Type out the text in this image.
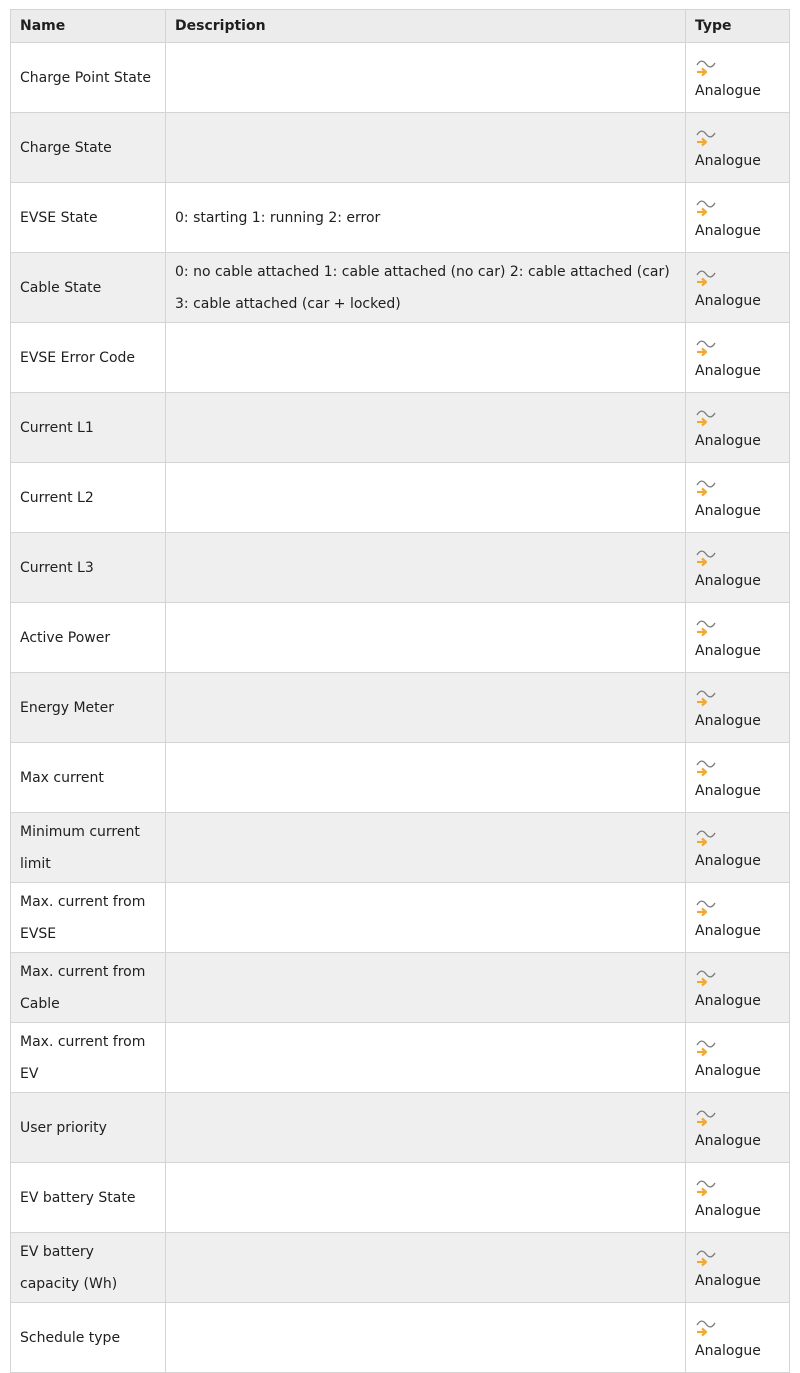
Name	Description	Type
Charge Point State		Analogue

Charge State		Analogue

EVSE State	0: starting 1: running 2: error	Analogue

Cable State	0: no cable attached 1: cable attached (no car) 2: cable attached (car) 3: cable attached (car + locked)	Analogue

EVSE Error Code		Analogue

Current L1		Analogue

Current L2		Analogue

Current L3		Analogue

Active Power		Analogue

Energy Meter		Analogue

Max current		Analogue

Minimum current limit		Analogue

Max. current from EVSE		Analogue

Max. current from Cable		Analogue

Max. current from EV		Analogue

User priority		Analogue

EV battery State		Analogue

EV battery capacity (Wh)		Analogue

Schedule type		Analogue
